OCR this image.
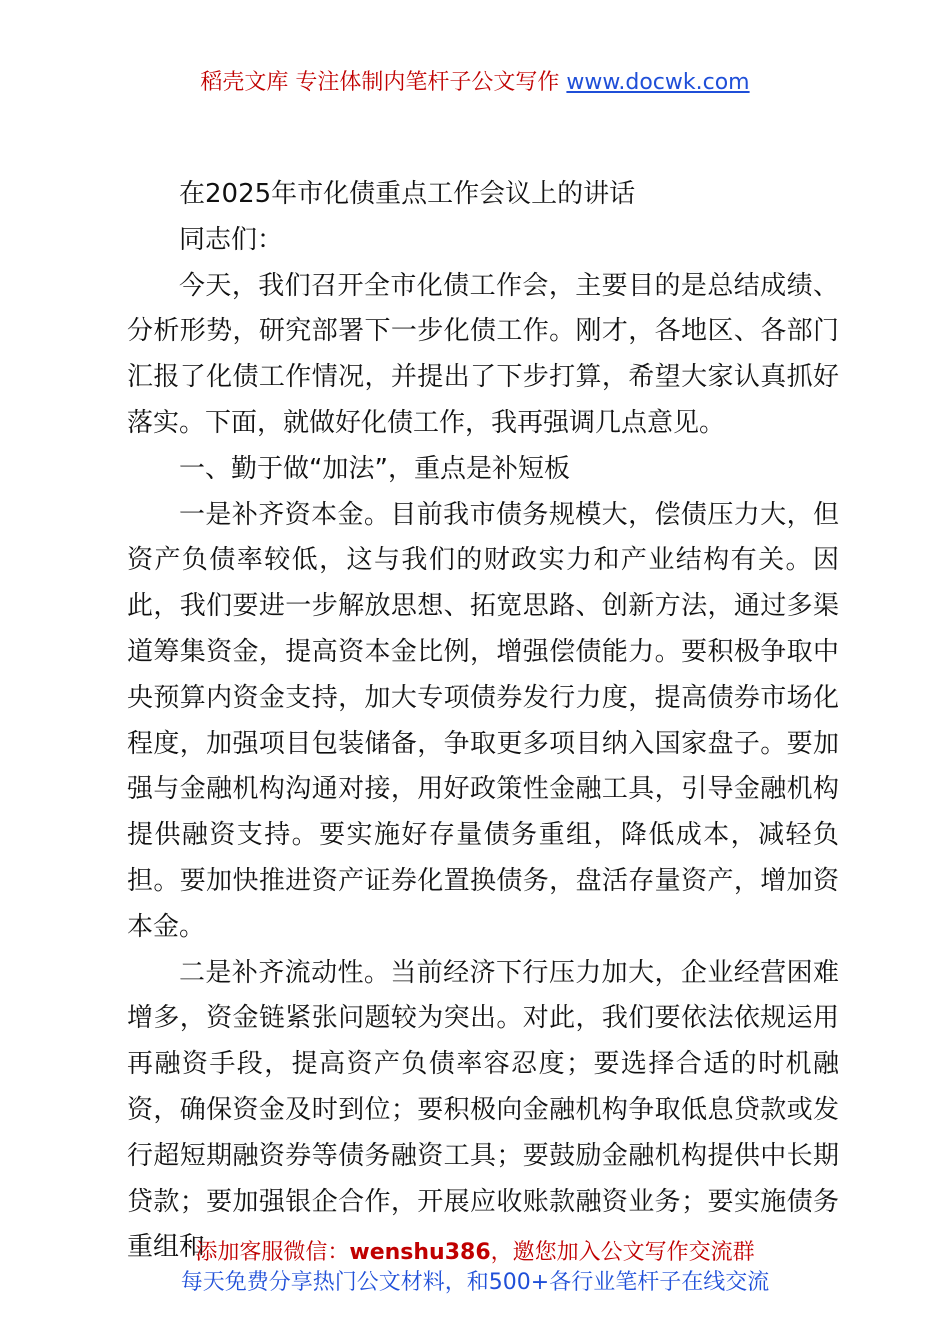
稻壳文库 专注体制内笔杆子公文写作 www.docwk.com

在2025年市化债重点工作会议上的讲话

同志们：

今天，我们召开全市化债工作会，主要目的是总结成绩、分析形势，研究部署下一步化债工作。刚才，各地区、各部门汇报了化债工作情况，并提出了下步打算，希望大家认真抓好落实。下面，就做好化债工作，我再强调几点意见。

一、勤于做“加法”，重点是补短板

一是补齐资本金。目前我市债务规模大，偿债压力大，但资产负债率较低，这与我们的财政实力和产业结构有关。因此，我们要进一步解放思想、拓宽思路、创新方法，通过多渠道筹集资金，提高资本金比例，增强偿债能力。要积极争取中央预算内资金支持，加大专项债券发行力度，提高债券市场化程度，加强项目包装储备，争取更多项目纳入国家盘子。要加强与金融机构沟通对接，用好政策性金融工具，引导金融机构提供融资支持。要实施好存量债务重组，降低成本，减轻负担。要加快推进资产证券化置换债务，盘活存量资产，增加资本金。

二是补齐流动性。当前经济下行压力加大，企业经营困难增多，资金链紧张问题较为突出。对此，我们要依法依规运用再融资手段，提高资产负债率容忍度；要选择合适的时机融资，确保资金及时到位；要积极向金融机构争取低息贷款或发行超短期融资券等债务融资工具；要鼓励金融机构提供中长期贷款；要加强银企合作，开展应收账款融资业务；要实施债务重组和

添加客服微信：wenshu386，邀您加入公文写作交流群
每天免费分享热门公文材料，和500+各行业笔杆子在线交流
